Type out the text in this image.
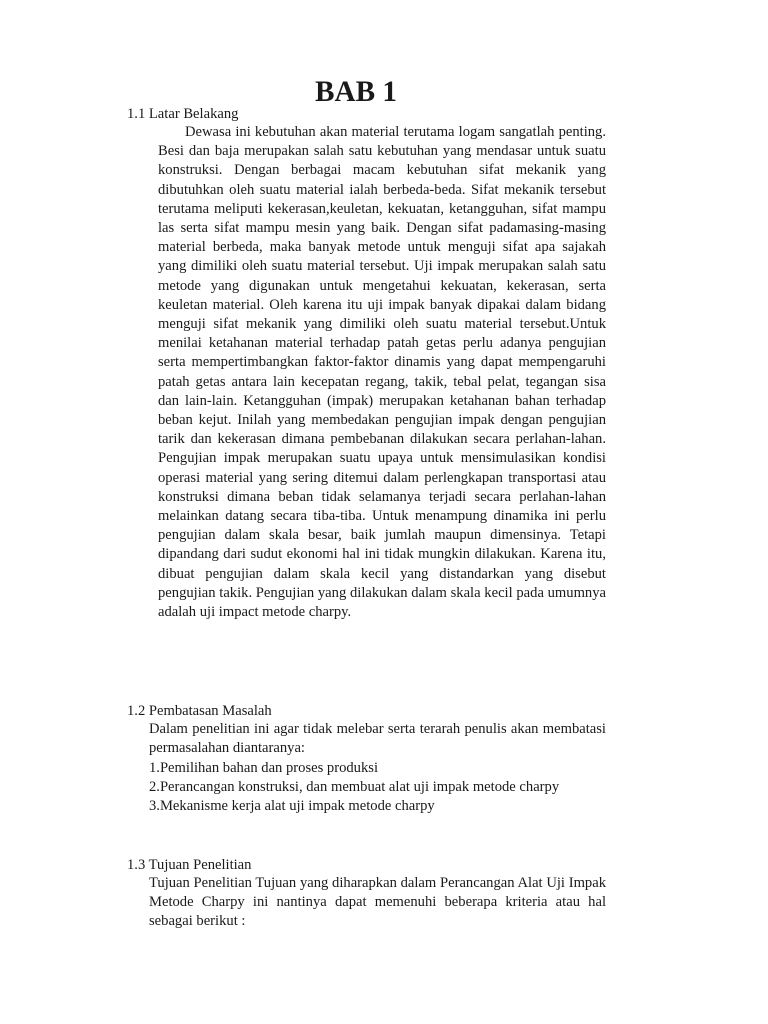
BAB 1
1.1 Latar Belakang

Dewasa ini kebutuhan akan material terutama logam sangatlah penting. Besi dan baja merupakan salah satu kebutuhan yang mendasar untuk suatu konstruksi. Dengan berbagai macam kebutuhan sifat mekanik yang dibutuhkan oleh suatu material ialah berbeda-beda. Sifat mekanik tersebut terutama meliputi kekerasan,keuletan, kekuatan, ketangguhan, sifat mampu las serta sifat mampu mesin yang baik. Dengan sifat padamasing-masing material berbeda, maka banyak metode untuk menguji sifat apa sajakah yang dimiliki oleh suatu material tersebut. Uji impak merupakan salah satu metode yang digunakan untuk mengetahui kekuatan, kekerasan, serta keuletan material. Oleh karena itu uji impak banyak dipakai dalam bidang menguji sifat mekanik yang dimiliki oleh suatu material tersebut.Untuk menilai ketahanan material terhadap patah getas perlu adanya pengujian serta mempertimbangkan faktor-faktor dinamis yang dapat mempengaruhi patah getas antara lain kecepatan regang, takik, tebal pelat, tegangan sisa dan lain-lain. Ketangguhan (impak) merupakan ketahanan bahan terhadap beban kejut. Inilah yang membedakan pengujian impak dengan pengujian tarik dan kekerasan dimana pembebanan dilakukan secara perlahan-lahan. Pengujian impak merupakan suatu upaya untuk mensimulasikan kondisi operasi material yang sering ditemui dalam perlengkapan transportasi atau konstruksi dimana beban tidak selamanya terjadi secara perlahan-lahan melainkan datang secara tiba-tiba. Untuk menampung dinamika ini perlu pengujian dalam skala besar, baik jumlah maupun dimensinya. Tetapi dipandang dari sudut ekonomi hal ini tidak mungkin dilakukan. Karena itu, dibuat pengujian dalam skala kecil yang distandarkan yang disebut pengujian takik. Pengujian yang dilakukan dalam skala kecil pada umumnya adalah uji impact metode charpy.

1.2 Pembatasan Masalah

Dalam penelitian ini agar tidak melebar serta terarah penulis akan membatasi permasalahan diantaranya:

1.Pemilihan bahan dan proses produksi
2.Perancangan konstruksi, dan membuat alat uji impak metode charpy
3.Mekanisme kerja alat uji impak metode charpy
1.3 Tujuan Penelitian

Tujuan Penelitian Tujuan yang diharapkan dalam Perancangan Alat Uji Impak Metode Charpy ini nantinya dapat memenuhi beberapa kriteria atau hal sebagai berikut :
